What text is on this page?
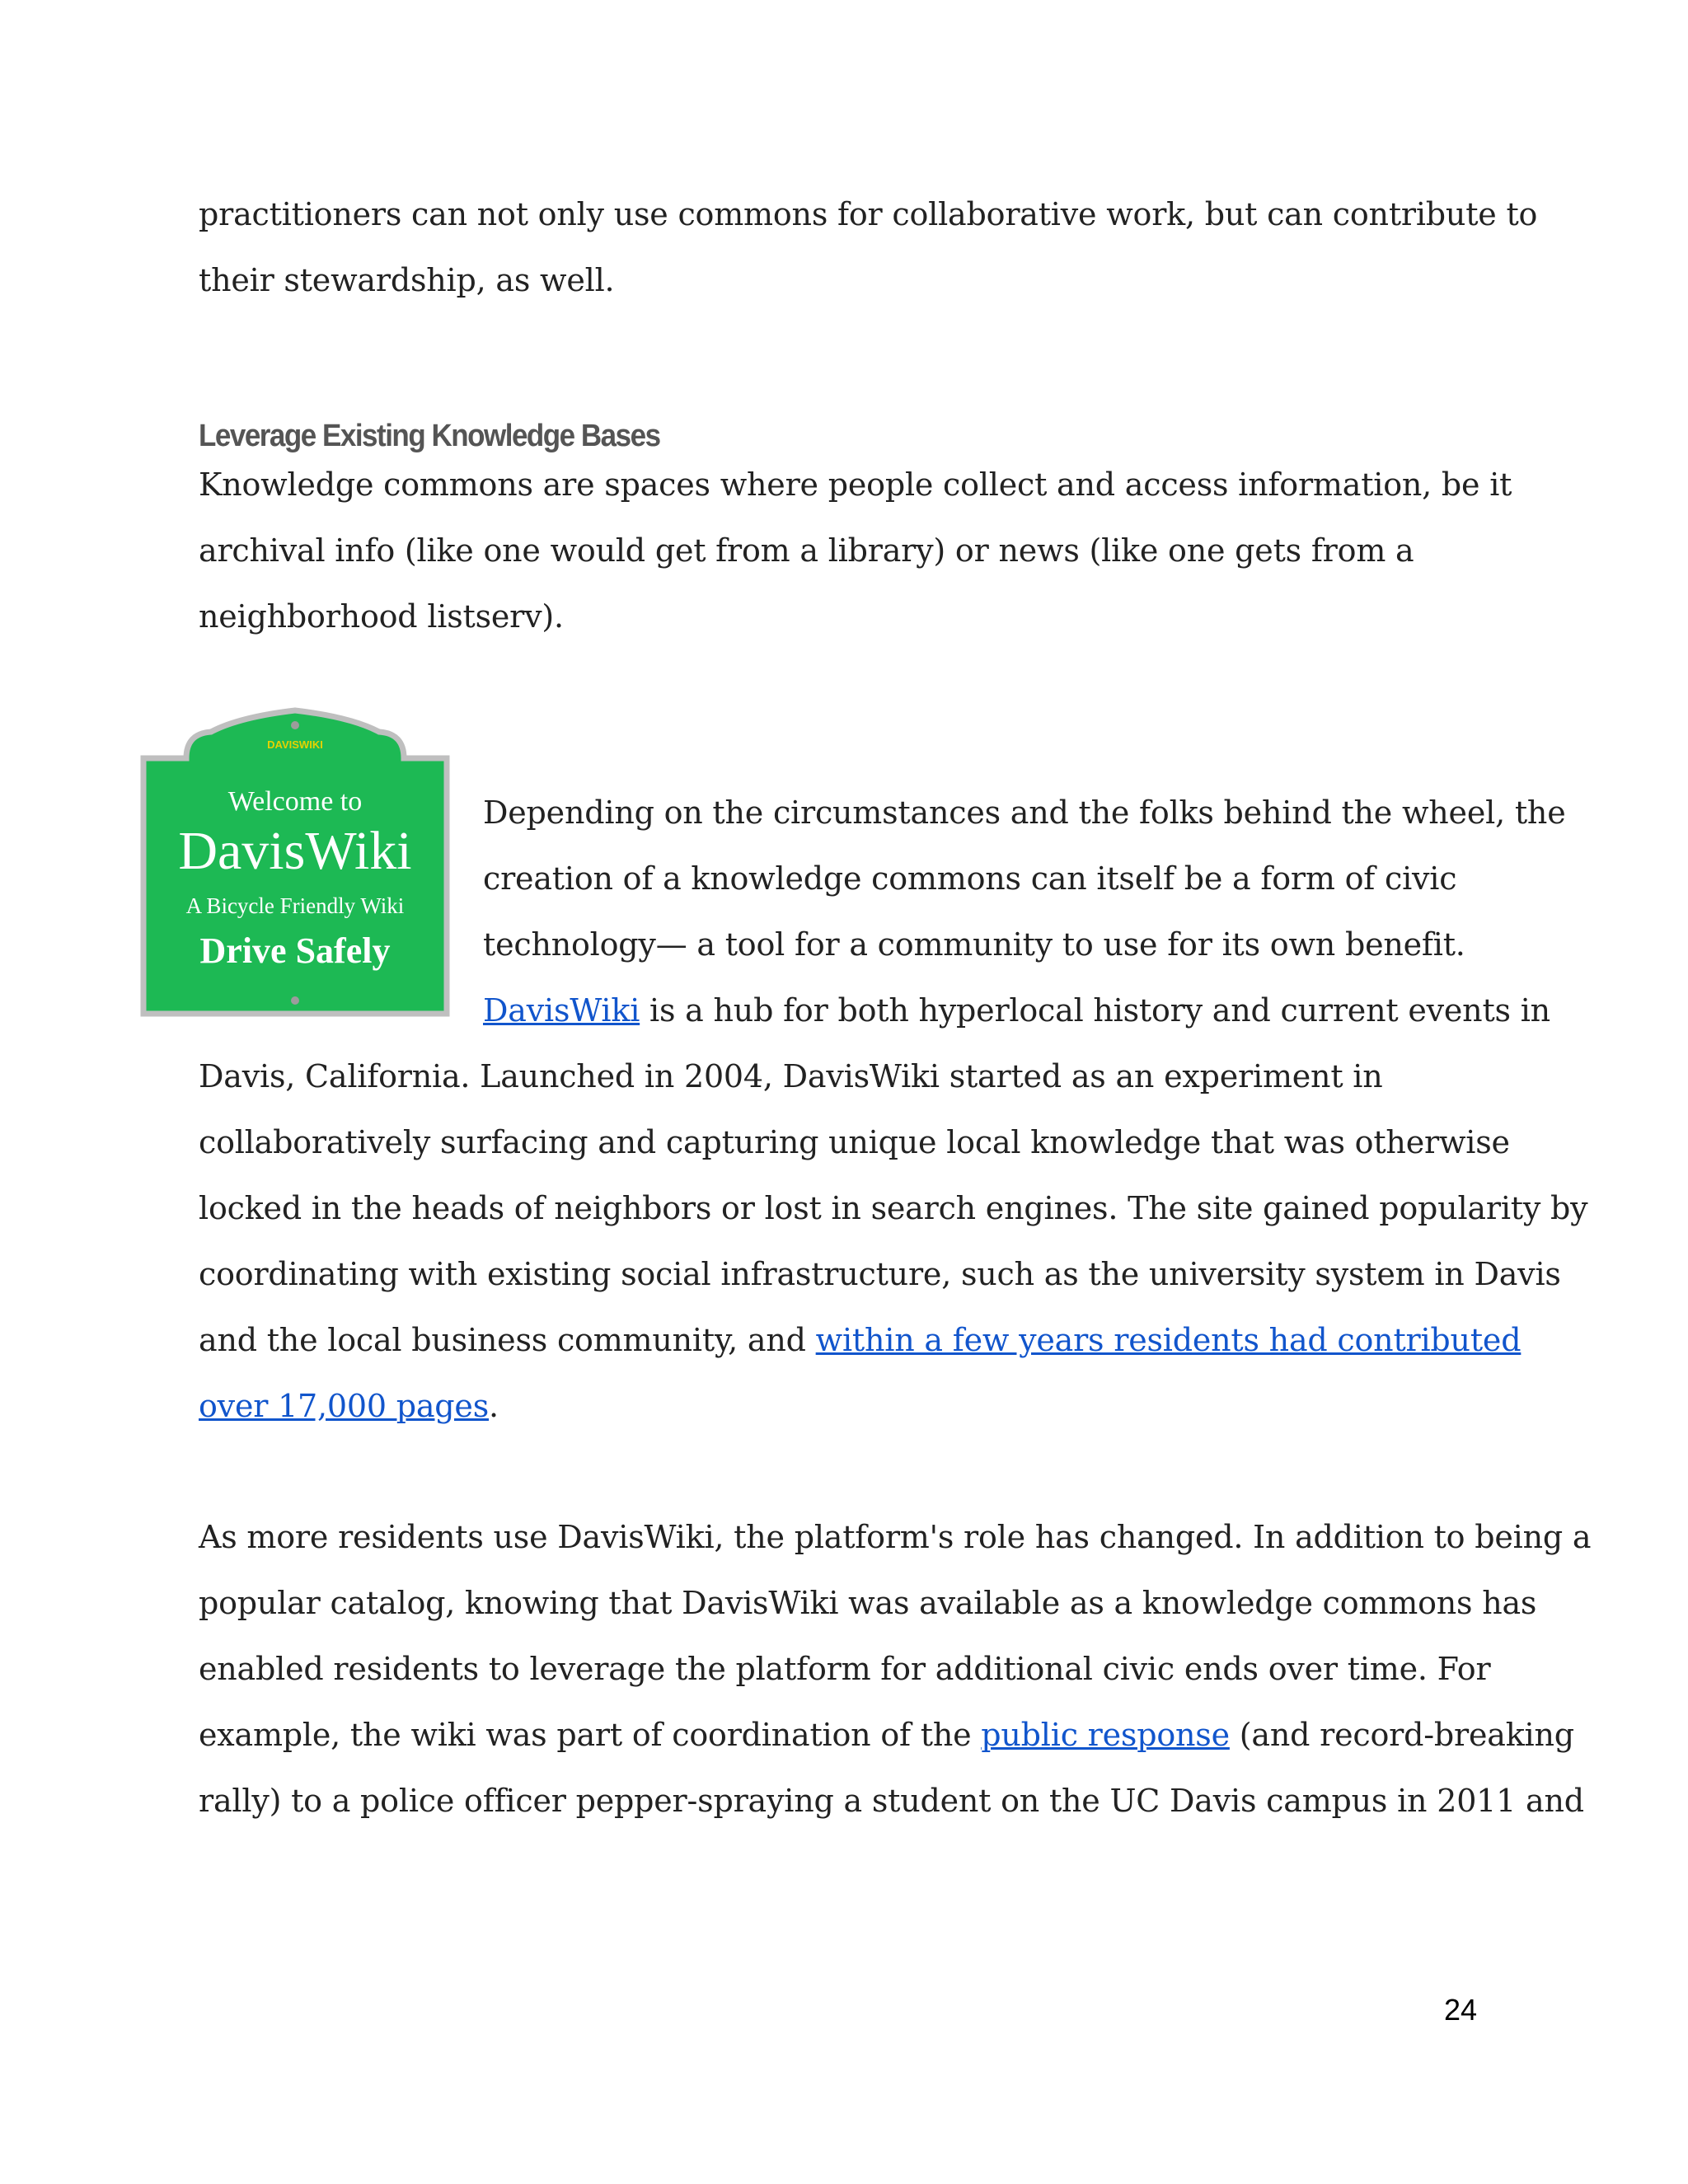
practitioners can not only use commons for collaborative work, but can contribute to
their stewardship, as well.
Leverage Existing Knowledge Bases
Knowledge commons are spaces where people collect and access information, be it
archival info (like one would get from a library) or news (like one gets from a
neighborhood listserv).
DAVISWIKI
Welcome to
DavisWiki
A Bicycle Friendly Wiki
Drive Safely
Depending on the circumstances and the folks behind the wheel, the
creation of a knowledge commons can itself be a form of civic
technology— a tool for a community to use for its own benefit.
DavisWiki is a hub for both hyperlocal history and current events in
Davis, California. Launched in 2004, DavisWiki started as an experiment in
collaboratively surfacing and capturing unique local knowledge that was otherwise
locked in the heads of neighbors or lost in search engines. The site gained popularity by
coordinating with existing social infrastructure, such as the university system in Davis
and the local business community, and within a few years residents had contributed
over 17,000 pages.
As more residents use DavisWiki, the platform's role has changed. In addition to being a
popular catalog, knowing that DavisWiki was available as a knowledge commons has
enabled residents to leverage the platform for additional civic ends over time. For
example, the wiki was part of coordination of the public response (and record-breaking
rally) to a police officer pepper-spraying a student on the UC Davis campus in 2011 and
24
